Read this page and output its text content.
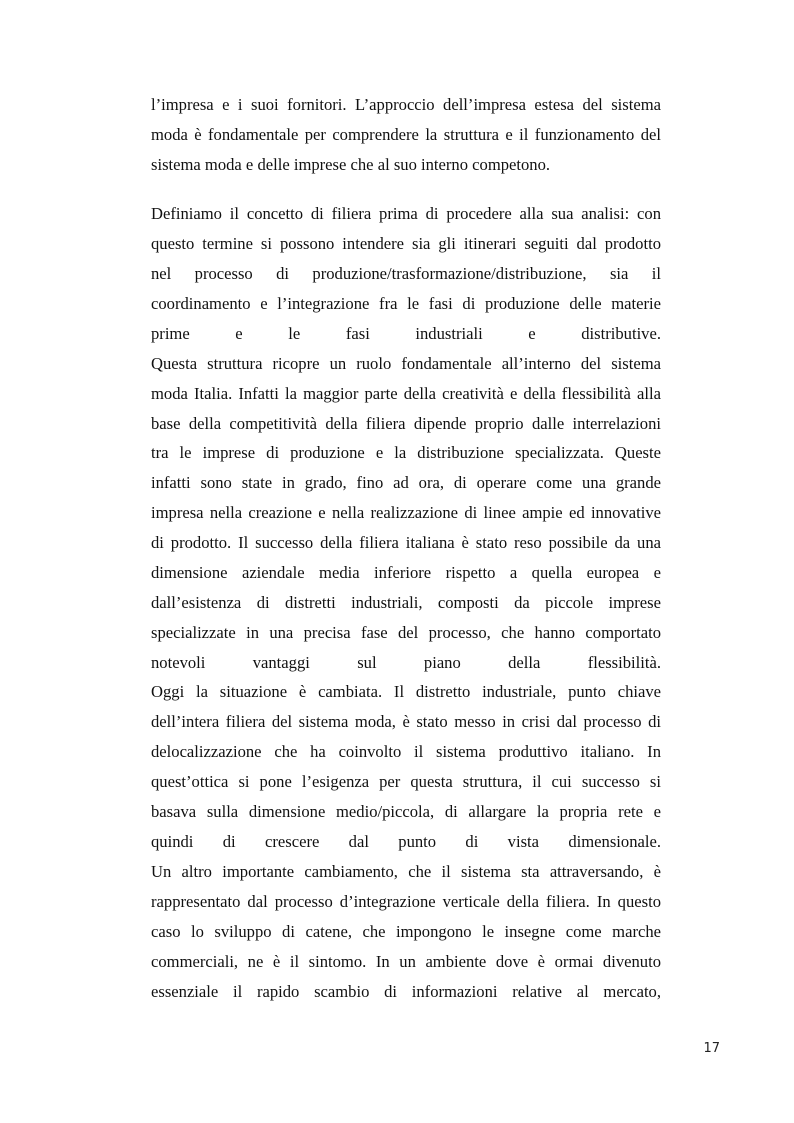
l’impresa e i suoi fornitori. L’approccio dell’impresa estesa del sistema
moda è fondamentale per comprendere la struttura e il funzionamento del
sistema moda e delle imprese che al suo interno competono.
Definiamo il concetto di filiera prima di procedere alla sua analisi: con
questo termine si possono intendere sia gli itinerari seguiti dal prodotto
nel processo di produzione/trasformazione/distribuzione, sia il
coordinamento e l’integrazione fra le fasi di produzione delle materie
prime e le fasi industriali e distributive.
Questa struttura ricopre un ruolo fondamentale all’interno del sistema
moda Italia. Infatti la maggior parte della creatività e della flessibilità alla
base della competitività della filiera dipende proprio dalle interrelazioni
tra le imprese di produzione e la distribuzione specializzata. Queste
infatti sono state in grado, fino ad ora, di operare come una grande
impresa nella creazione e nella realizzazione di linee ampie ed innovative
di prodotto. Il successo della filiera italiana è stato reso possibile da una
dimensione aziendale media inferiore rispetto a quella europea e
dall’esistenza di distretti industriali, composti da piccole imprese
specializzate in una precisa fase del processo, che hanno comportato
notevoli vantaggi sul piano della flessibilità.
Oggi la situazione è cambiata. Il distretto industriale, punto chiave
dell’intera filiera del sistema moda, è stato messo in crisi dal processo di
delocalizzazione che ha coinvolto il sistema produttivo italiano. In
quest’ottica si pone l’esigenza per questa struttura, il cui successo si
basava sulla dimensione medio/piccola, di allargare la propria rete e
quindi di crescere dal punto di vista dimensionale.
Un altro importante cambiamento, che il sistema sta attraversando, è
rappresentato dal processo d’integrazione verticale della filiera. In questo
caso lo sviluppo di catene, che impongono le insegne come marche
commerciali, ne è il sintomo. In un ambiente dove è ormai divenuto
essenziale il rapido scambio di informazioni relative al mercato,
17
